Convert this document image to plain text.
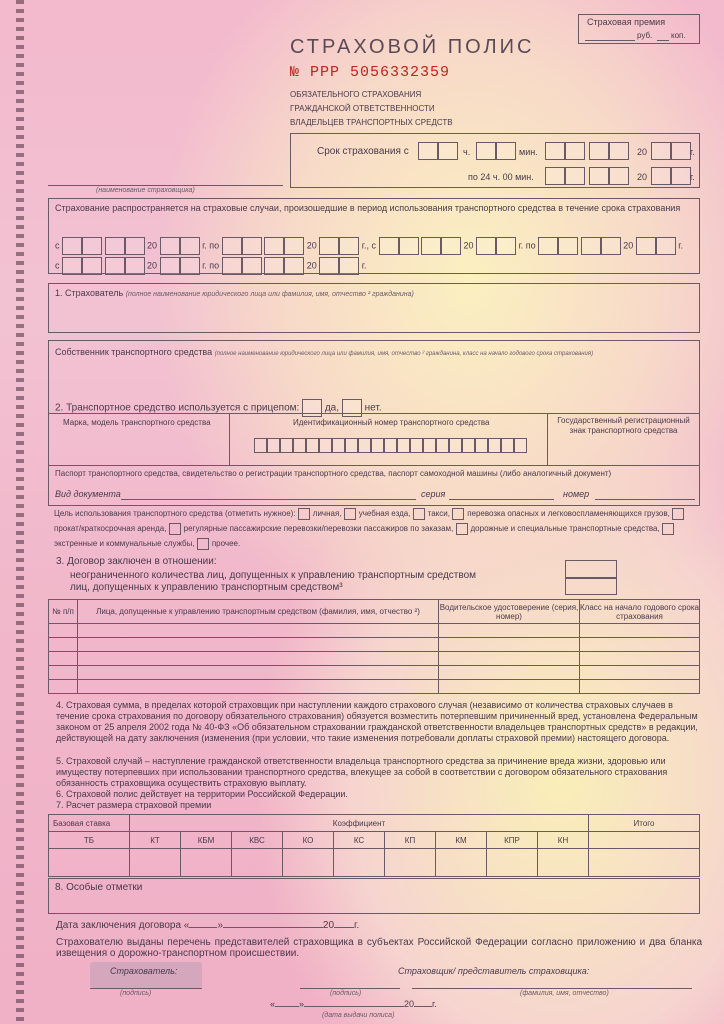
Страховая премия
руб. коп.
СТРАХОВОЙ ПОЛИС
№ РРР 5056332359
ОБЯЗАТЕЛЬНОГО СТРАХОВАНИЯ
ГРАЖДАНСКОЙ ОТВЕТСТВЕННОСТИ
ВЛАДЕЛЬЦЕВ ТРАНСПОРТНЫХ СРЕДСТВ
(наименование страховщика)
Срок страхования с	ч.	мин.	20	г.
по 24 ч. 00 мин.	20	г.
Страхование распространяется на страховые случаи, произошедшие в период использования транспортного средства в течение срока страхования
с	20	г. по	20	г., с	20	г. по	20	г.
с	20	г. по	20	г.
1. Страхователь (полное наименование юридического лица или фамилия, имя, отчество ² гражданина)
Собственник транспортного средства (полное наименование юридического лица или фамилия, имя, отчество ² гражданина, класс на начало годового срока страхования)
2. Транспортное средство используется с прицепом:	да,	нет.
Марка, модель транспортного средства	Идентификационный номер транспортного средства	Государственный регистрационный знак транспортного средства
Паспорт транспортного средства, свидетельство о регистрации транспортного средства, паспорт самоходной машины (либо аналогичный документ)
Вид документа	серия	номер
Цель использования транспортного средства (отметить нужное): личная, учебная езда, такси, перевозка опасных и легковоспламеняющихся грузов, прокат/краткосрочная аренда, регулярные пассажирские перевозки/перевозки пассажиров по заказам, дорожные и специальные транспортные средства, экстренные и коммунальные службы, прочее.
3. Договор заключен в отношении:
неограниченного количества лиц, допущенных к управлению транспортным средством
лиц, допущенных к управлению транспортным средством³
№ п/п	Лица, допущенные к управлению транспортным средством (фамилия, имя, отчество ²)	Водительское удостоверение (серия, номер)	Класс на начало годового срока страхования

4. Страховая сумма, в пределах которой страховщик при наступлении каждого страхового случая (независимо от количества страховых случаев в течение срока страхования по договору обязательного страхования) обязуется возместить потерпевшим причиненный вред, установлена Федеральным законом от 25 апреля 2002 года № 40-ФЗ «Об обязательном страховании гражданской ответственности владельцев транспортных средств» в редакции, действующей на дату заключения (изменения (при условии, что такие изменения потребовали доплаты страховой премии) настоящего договора.
5. Страховой случай – наступление гражданской ответственности владельца транспортного средства за причинение вреда жизни, здоровью или имуществу потерпевших при использовании транспортного средства, влекущее за собой в соответствии с договором обязательного страхования обязанность страховщика осуществить страховую выплату.
6. Страховой полис действует на территории Российской Федерации.
7. Расчет размера страховой премии
Базовая ставка	Коэффициент									Итого
ТБ	КТ	КБМ	КВС	КО	КС	КП	КМ	КПР	КН	

8. Особые отметки
Дата заключения договора «	»	20 г.
Страхователю выданы перечень представителей страховщика в субъектах Российской Федерации согласно приложению и два бланка извещения о дорожно-транспортном происшествии.
Страхователь:
(подпись)
Страховщик/ представитель страховщика:
(подпись)	(фамилия, имя, отчество)
«	»	20 г.
(дата выдачи полиса)
